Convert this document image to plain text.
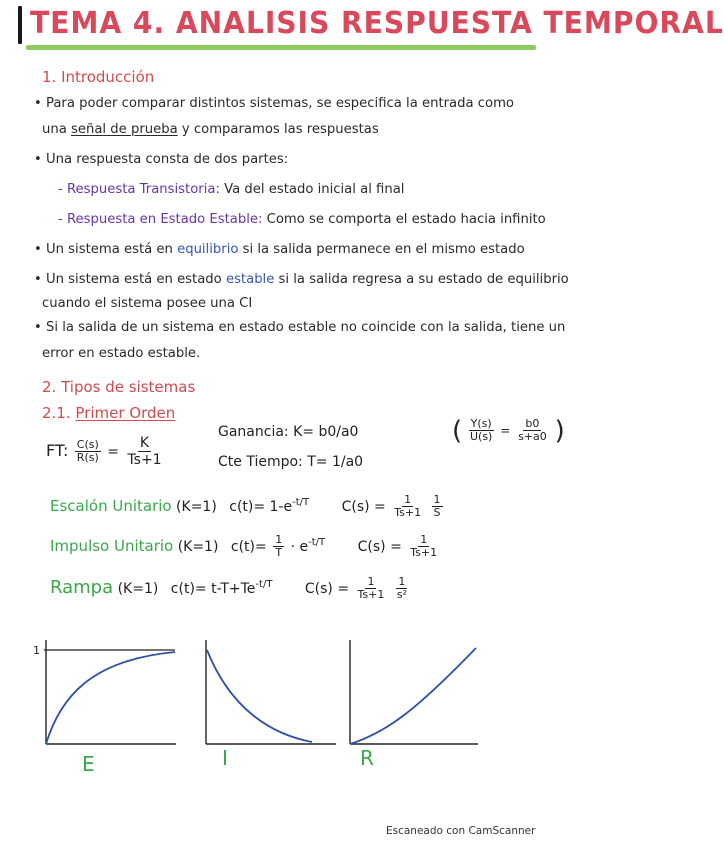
TEMA 4. ANALISIS RESPUESTA TEMPORAL
1. Introducción
• Para poder comparar distintos sistemas, se especifica la entrada como
una señal de prueba y comparamos las respuestas
• Una respuesta consta de dos partes:
- Respuesta Transistoria: Va del estado inicial al final
- Respuesta en Estado Estable: Como se comporta el estado hacia infinito
• Un sistema está en equilibrio si la salida permanece en el mismo estado
• Un sistema está en estado estable si la salida regresa a su estado de equilibrio
cuando el sistema posee una CI
• Si la salida de un sistema en estado estable no coincide con la salida, tiene un
error en estado estable.
2. Tipos de sistemas
2.1. Primer Orden
FT: $\frac{C(s)}{R(s)} = \frac{K}{Ts+1}$
Ganancia: K= b0/a0
Cte Tiempo: T= 1/a0
( $\frac{Y(s)}{U(s)} = \frac{b0}{s+a0}$ )
Escalón Unitario (K=1) $c(t)= 1-e^{-t/T}$ $C(s) = \frac{1}{Ts+1}$
$\frac{1}{S}$
Impulso Unitario (K=1) $c(t)= \frac{1}{T} \cdot e^{-t/T}$ $C(s) = \frac{1}{Ts+1}$
Rampa (K=1) $c(t)= t-T+Te^{-t/T}$ $C(s) = \frac{1}{Ts+1}$
$\frac{1}{\text{s²}}$
1
E	I	R
Escaneado con CamScanner
